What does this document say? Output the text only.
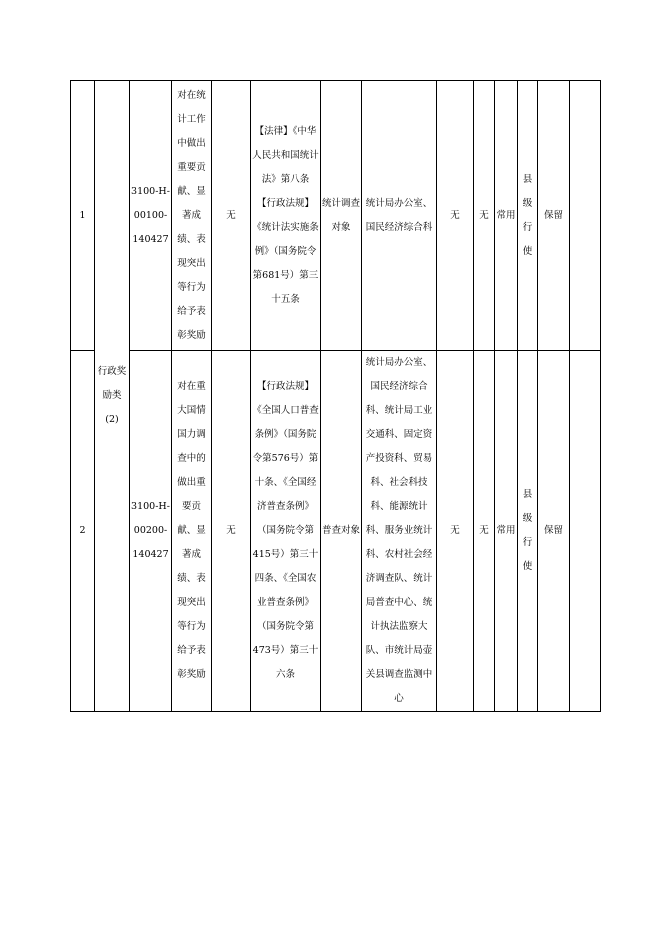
1	行政奖励类(2)	3100-H-00100-140427	对在统计工作中做出重要贡献、显著成绩、表现突出等行为给予表彰奖励	无	【法律】《中华人民共和国统计法》第八条 【行政法规】《统计法实施条例》（国务院令第681号）第三十五条	统计调查对象	统计局办公室、国民经济综合科	无	无	常用	县级行使	保留	
2		3100-H-00200-140427	对在重大国情国力调查中的做出重要贡献、显著成绩、表现突出等行为给予表彰奖励	无	【行政法规】《全国人口普查条例》（国务院令第576号）第十条、《全国经济普查条例》（国务院令第415号）第三十四条、《全国农业普查条例》（国务院令第473号）第三十六条	普查对象	统计局办公室、国民经济综合科、统计局工业交通科、固定资产投资科、贸易科、社会科技科、能源统计科、服务业统计科、农村社会经济调查队、统计局普查中心、统计执法监察大队、市统计局壶关县调查监测中心	无	无	常用	县级行使	保留	
